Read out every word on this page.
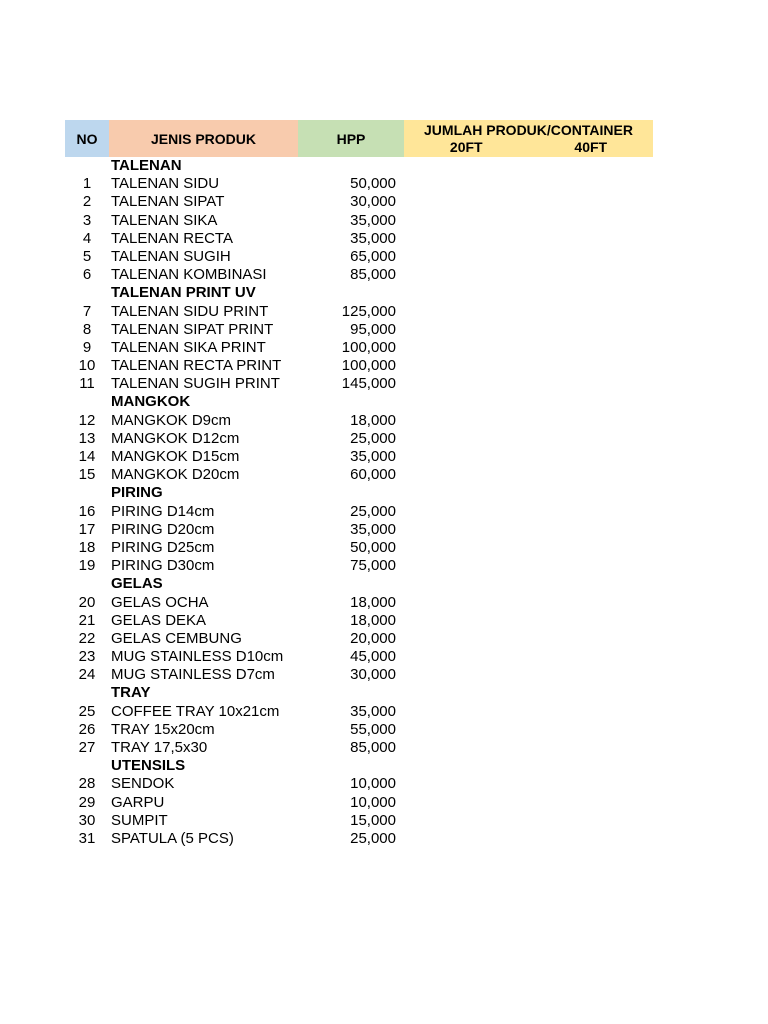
NO	JENIS PRODUK	HPP
JUMLAH PRODUK/CONTAINER
20FT	40FT
TALENAN
1	TALENAN SIDU	50,000
2	TALENAN SIPAT	30,000
3	TALENAN SIKA	35,000
4	TALENAN RECTA	35,000
5	TALENAN SUGIH	65,000
6	TALENAN KOMBINASI	85,000
TALENAN PRINT UV
7	TALENAN SIDU PRINT	125,000
8	TALENAN SIPAT PRINT	95,000
9	TALENAN SIKA PRINT	100,000
10	TALENAN RECTA PRINT	100,000
11	TALENAN SUGIH PRINT	145,000
MANGKOK
12	MANGKOK D9cm	18,000
13	MANGKOK D12cm	25,000
14	MANGKOK D15cm	35,000
15	MANGKOK D20cm	60,000
PIRING
16	PIRING D14cm	25,000
17	PIRING D20cm	35,000
18	PIRING D25cm	50,000
19	PIRING D30cm	75,000
GELAS
20	GELAS OCHA	18,000
21	GELAS DEKA	18,000
22	GELAS CEMBUNG	20,000
23	MUG STAINLESS D10cm	45,000
24	MUG STAINLESS D7cm	30,000
TRAY
25	COFFEE TRAY 10x21cm	35,000
26	TRAY 15x20cm	55,000
27	TRAY 17,5x30	85,000
UTENSILS
28	SENDOK	10,000
29	GARPU	10,000
30	SUMPIT	15,000
31	SPATULA (5 PCS)	25,000
